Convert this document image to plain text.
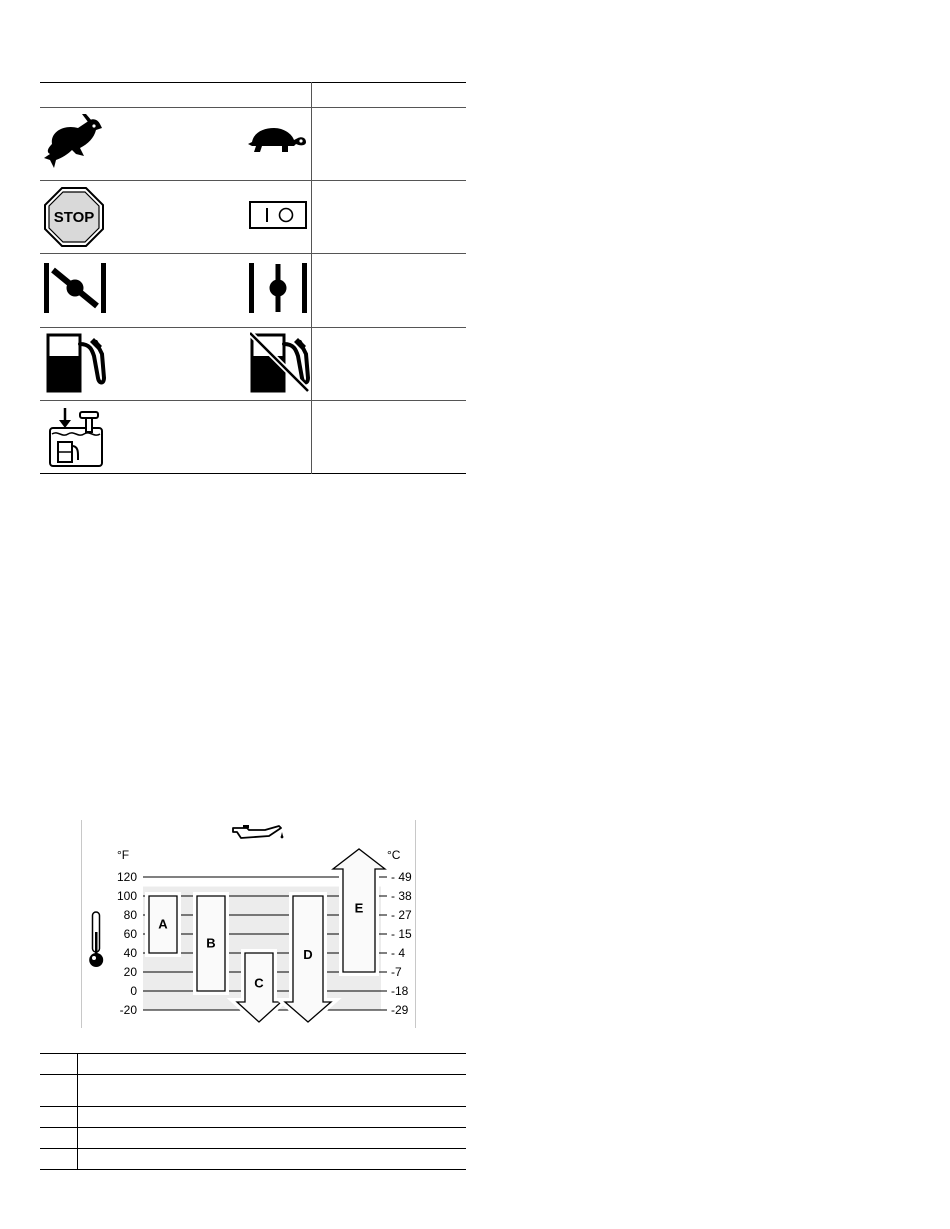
STOP
°F	°C
120	- 49
100	- 38
80	- 27
60	- 15
40	- 4
20	-7
0	-18
-20	-29
A
B
C
D
E
